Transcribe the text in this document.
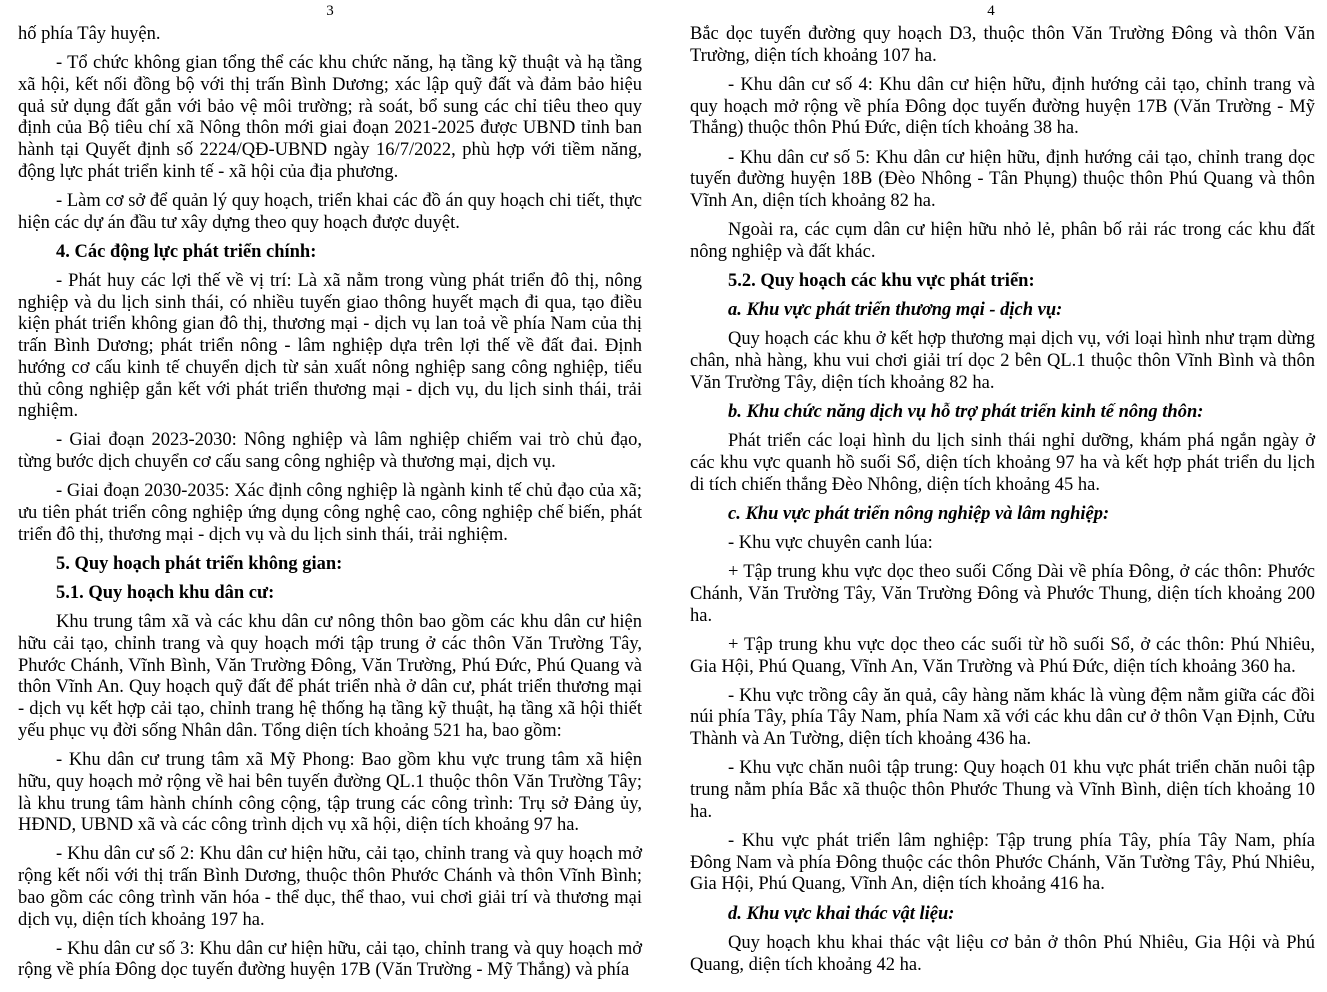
3

hố phía Tây huyện.

- Tổ chức không gian tổng thể các khu chức năng, hạ tầng kỹ thuật và hạ tầng xã hội, kết nối đồng bộ với thị trấn Bình Dương; xác lập quỹ đất và đảm bảo hiệu quả sử dụng đất gắn với bảo vệ môi trường; rà soát, bổ sung các chỉ tiêu theo quy định của Bộ tiêu chí xã Nông thôn mới giai đoạn 2021-2025 được UBND tỉnh ban hành tại Quyết định số 2224/QĐ-UBND ngày 16/7/2022, phù hợp với tiềm năng, động lực phát triển kinh tế - xã hội của địa phương.

- Làm cơ sở để quản lý quy hoạch, triển khai các đồ án quy hoạch chi tiết, thực hiện các dự án đầu tư xây dựng theo quy hoạch được duyệt.

4. Các động lực phát triển chính:

- Phát huy các lợi thế về vị trí: Là xã nằm trong vùng phát triển đô thị, nông nghiệp và du lịch sinh thái, có nhiều tuyến giao thông huyết mạch đi qua, tạo điều kiện phát triển không gian đô thị, thương mại - dịch vụ lan toả về phía Nam của thị trấn Bình Dương; phát triển nông - lâm nghiệp dựa trên lợi thế về đất đai. Định hướng cơ cấu kinh tế chuyển dịch từ sản xuất nông nghiệp sang công nghiệp, tiểu thủ công nghiệp gắn kết với phát triển thương mại - dịch vụ, du lịch sinh thái, trải nghiệm.

- Giai đoạn 2023-2030: Nông nghiệp và lâm nghiệp chiếm vai trò chủ đạo, từng bước dịch chuyển cơ cấu sang công nghiệp và thương mại, dịch vụ.

- Giai đoạn 2030-2035: Xác định công nghiệp là ngành kinh tế chủ đạo của xã; ưu tiên phát triển công nghiệp ứng dụng công nghệ cao, công nghiệp chế biến, phát triển đô thị, thương mại - dịch vụ và du lịch sinh thái, trải nghiệm.

5. Quy hoạch phát triển không gian:

5.1. Quy hoạch khu dân cư:

Khu trung tâm xã và các khu dân cư nông thôn bao gồm các khu dân cư hiện hữu cải tạo, chỉnh trang và quy hoạch mới tập trung ở các thôn Văn Trường Tây, Phước Chánh, Vĩnh Bình, Văn Trường Đông, Văn Trường, Phú Đức, Phú Quang và thôn Vĩnh An. Quy hoạch quỹ đất để phát triển nhà ở dân cư, phát triển thương mại - dịch vụ kết hợp cải tạo, chỉnh trang hệ thống hạ tầng kỹ thuật, hạ tầng xã hội thiết yếu phục vụ đời sống Nhân dân. Tổng diện tích khoảng 521 ha, bao gồm:

- Khu dân cư trung tâm xã Mỹ Phong: Bao gồm khu vực trung tâm xã hiện hữu, quy hoạch mở rộng về hai bên tuyến đường QL.1 thuộc thôn Văn Trường Tây; là khu trung tâm hành chính công cộng, tập trung các công trình: Trụ sở Đảng ủy, HĐND, UBND xã và các công trình dịch vụ xã hội, diện tích khoảng 97 ha.

- Khu dân cư số 2: Khu dân cư hiện hữu, cải tạo, chỉnh trang và quy hoạch mở rộng kết nối với thị trấn Bình Dương, thuộc thôn Phước Chánh và thôn Vĩnh Bình; bao gồm các công trình văn hóa - thể dục, thể thao, vui chơi giải trí và thương mại dịch vụ, diện tích khoảng 197 ha.

- Khu dân cư số 3: Khu dân cư hiện hữu, cải tạo, chỉnh trang và quy hoạch mở rộng về phía Đông dọc tuyến đường huyện 17B (Văn Trường - Mỹ Thắng) và phía

4

Bắc dọc tuyến đường quy hoạch D3, thuộc thôn Văn Trường Đông và thôn Văn Trường, diện tích khoảng 107 ha.

- Khu dân cư số 4: Khu dân cư hiện hữu, định hướng cải tạo, chỉnh trang và quy hoạch mở rộng về phía Đông dọc tuyến đường huyện 17B (Văn Trường - Mỹ Thắng) thuộc thôn Phú Đức, diện tích khoảng 38 ha.

- Khu dân cư số 5: Khu dân cư hiện hữu, định hướng cải tạo, chỉnh trang dọc tuyến đường huyện 18B (Đèo Nhông - Tân Phụng) thuộc thôn Phú Quang và thôn Vĩnh An, diện tích khoảng 82 ha.

Ngoài ra, các cụm dân cư hiện hữu nhỏ lẻ, phân bố rải rác trong các khu đất nông nghiệp và đất khác.

5.2. Quy hoạch các khu vực phát triển:

a. Khu vực phát triển thương mại - dịch vụ:

Quy hoạch các khu ở kết hợp thương mại dịch vụ, với loại hình như trạm dừng chân, nhà hàng, khu vui chơi giải trí dọc 2 bên QL.1 thuộc thôn Vĩnh Bình và thôn Văn Trường Tây, diện tích khoảng 82 ha.

b. Khu chức năng dịch vụ hỗ trợ phát triển kinh tế nông thôn:

Phát triển các loại hình du lịch sinh thái nghỉ dưỡng, khám phá ngắn ngày ở các khu vực quanh hồ suối Sổ, diện tích khoảng 97 ha và kết hợp phát triển du lịch di tích chiến thắng Đèo Nhông, diện tích khoảng 45 ha.

c. Khu vực phát triển nông nghiệp và lâm nghiệp:

- Khu vực chuyên canh lúa:

+ Tập trung khu vực dọc theo suối Cống Dài về phía Đông, ở các thôn: Phước Chánh, Văn Trường Tây, Văn Trường Đông và Phước Thung, diện tích khoảng 200 ha.

+ Tập trung khu vực dọc theo các suối từ hồ suối Sổ, ở các thôn: Phú Nhiêu, Gia Hội, Phú Quang, Vĩnh An, Văn Trường và Phú Đức, diện tích khoảng 360 ha.

- Khu vực trồng cây ăn quả, cây hàng năm khác là vùng đệm nằm giữa các đồi núi phía Tây, phía Tây Nam, phía Nam xã với các khu dân cư ở thôn Vạn Định, Cửu Thành và An Tường, diện tích khoảng 436 ha.

- Khu vực chăn nuôi tập trung: Quy hoạch 01 khu vực phát triển chăn nuôi tập trung nằm phía Bắc xã thuộc thôn Phước Thung và Vĩnh Bình, diện tích khoảng 10 ha.

- Khu vực phát triển lâm nghiệp: Tập trung phía Tây, phía Tây Nam, phía Đông Nam và phía Đông thuộc các thôn Phước Chánh, Văn Tường Tây, Phú Nhiêu, Gia Hội, Phú Quang, Vĩnh An, diện tích khoảng 416 ha.

d. Khu vực khai thác vật liệu:

Quy hoạch khu khai thác vật liệu cơ bản ở thôn Phú Nhiêu, Gia Hội và Phú Quang, diện tích khoảng 42 ha.
